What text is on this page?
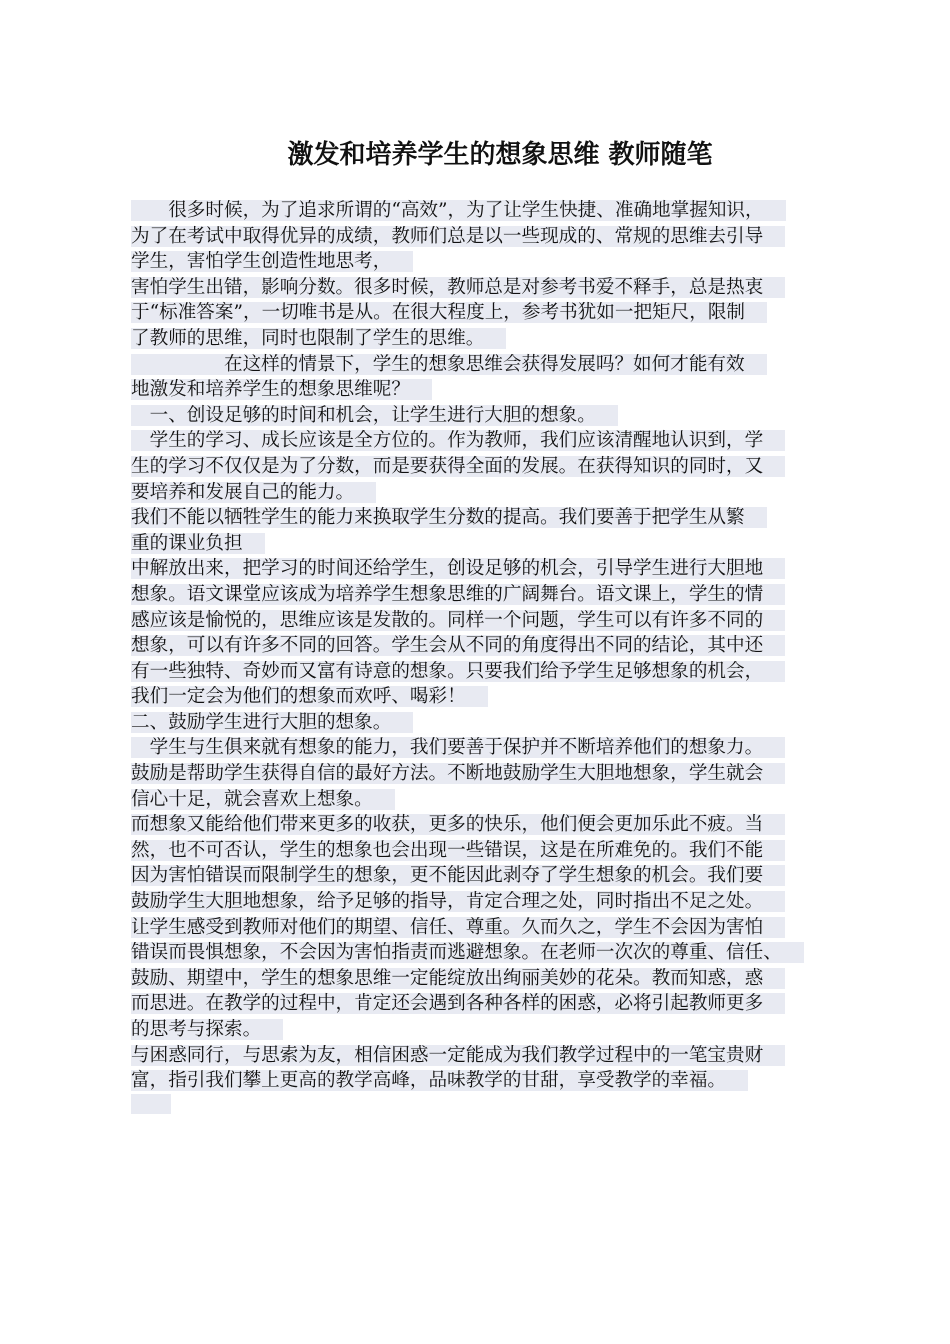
激发和培养学生的想象思维 教师随笔
　　很多时候，为了追求所谓的“高效”，为了让学生快捷、准确地掌握知识，
为了在考试中取得优异的成绩，教师们总是以一些现成的、常规的思维去引导
学生，害怕学生创造性地思考，
害怕学生出错，影响分数。很多时候，教师总是对参考书爱不释手，总是热衷
于“标准答案”，一切唯书是从。在很大程度上，参考书犹如一把矩尺，限制
了教师的思维，同时也限制了学生的思维。
　　　　　在这样的情景下，学生的想象思维会获得发展吗？如何才能有效
地激发和培养学生的想象思维呢？
　一、创设足够的时间和机会，让学生进行大胆的想象。
　学生的学习、成长应该是全方位的。作为教师，我们应该清醒地认识到，学
生的学习不仅仅是为了分数，而是要获得全面的发展。在获得知识的同时，又
要培养和发展自己的能力。
我们不能以牺牲学生的能力来换取学生分数的提高。我们要善于把学生从繁
重的课业负担
中解放出来，把学习的时间还给学生，创设足够的机会，引导学生进行大胆地
想象。语文课堂应该成为培养学生想象思维的广阔舞台。语文课上，学生的情
感应该是愉悦的，思维应该是发散的。同样一个问题，学生可以有许多不同的
想象，可以有许多不同的回答。学生会从不同的角度得出不同的结论，其中还
有一些独特、奇妙而又富有诗意的想象。只要我们给予学生足够想象的机会，
我们一定会为他们的想象而欢呼、喝彩！
二、鼓励学生进行大胆的想象。
　学生与生俱来就有想象的能力，我们要善于保护并不断培养他们的想象力。
鼓励是帮助学生获得自信的最好方法。不断地鼓励学生大胆地想象，学生就会
信心十足，就会喜欢上想象。
而想象又能给他们带来更多的收获，更多的快乐，他们便会更加乐此不疲。当
然，也不可否认，学生的想象也会出现一些错误，这是在所难免的。我们不能
因为害怕错误而限制学生的想象，更不能因此剥夺了学生想象的机会。我们要
鼓励学生大胆地想象，给予足够的指导，肯定合理之处，同时指出不足之处。
让学生感受到教师对他们的期望、信任、尊重。久而久之，学生不会因为害怕
错误而畏惧想象，不会因为害怕指责而逃避想象。在老师一次次的尊重、信任、
鼓励、期望中，学生的想象思维一定能绽放出绚丽美妙的花朵。教而知惑，惑
而思进。在教学的过程中，肯定还会遇到各种各样的困惑，必将引起教师更多
的思考与探索。
与困惑同行，与思索为友，相信困惑一定能成为我们教学过程中的一笔宝贵财
富，指引我们攀上更高的教学高峰，品味教学的甘甜，享受教学的幸福。
